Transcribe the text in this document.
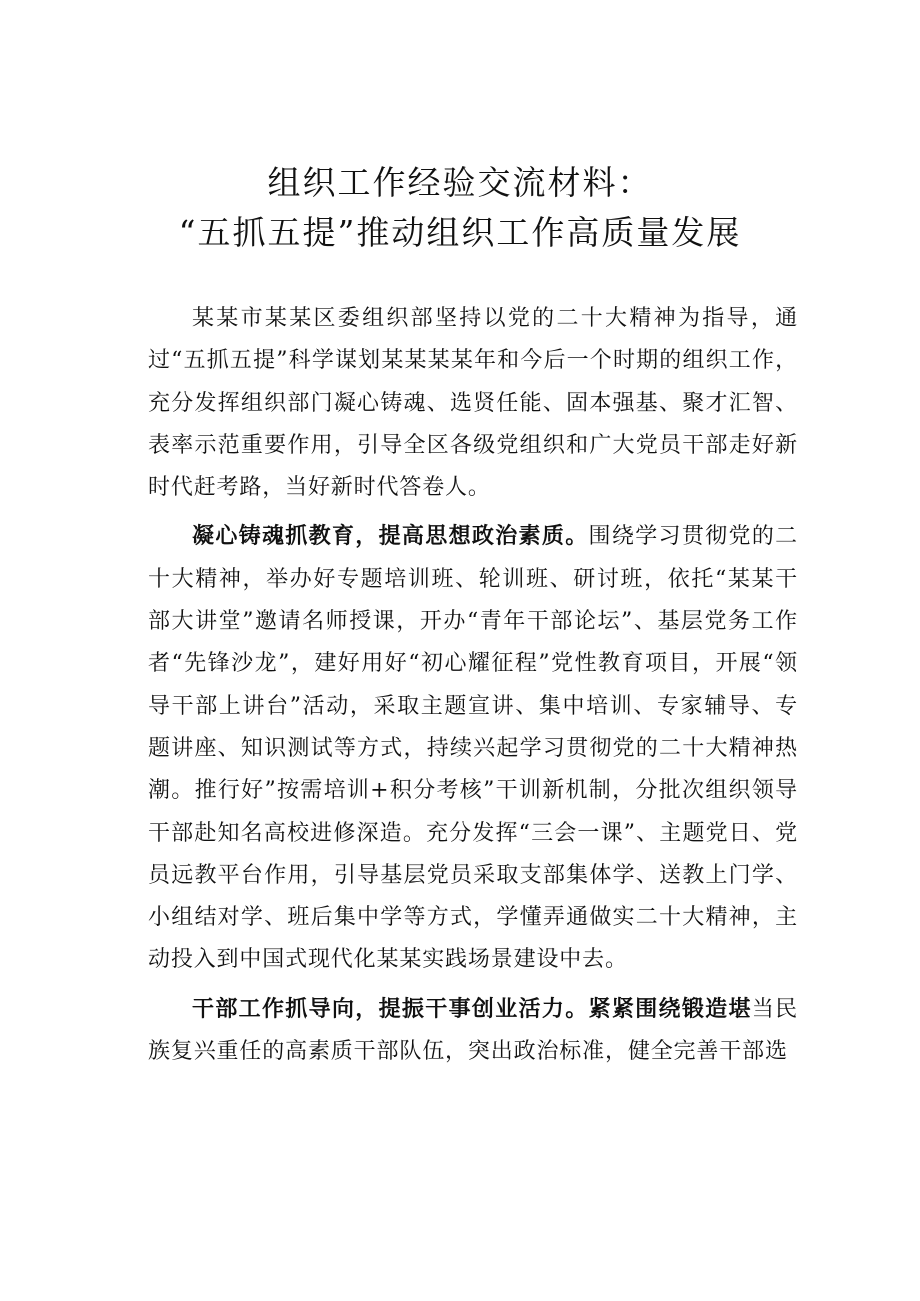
组织工作经验交流材料：
“五抓五提”推动组织工作高质量发展

某某市某某区委组织部坚持以党的二十大精神为指导，通过“五抓五提”科学谋划某某某某年和今后一个时期的组织工作，充分发挥组织部门凝心铸魂、选贤任能、固本强基、聚才汇智、表率示范重要作用，引导全区各级党组织和广大党员干部走好新时代赶考路，当好新时代答卷人。

凝心铸魂抓教育，提高思想政治素质。围绕学习贯彻党的二十大精神，举办好专题培训班、轮训班、研讨班，依托“某某干部大讲堂”邀请名师授课，开办“青年干部论坛”、基层党务工作者“先锋沙龙”，建好用好“初心耀征程”党性教育项目，开展“领导干部上讲台”活动，采取主题宣讲、集中培训、专家辅导、专题讲座、知识测试等方式，持续兴起学习贯彻党的二十大精神热潮。推行好”按需培训+积分考核”干训新机制，分批次组织领导干部赴知名高校进修深造。充分发挥“三会一课”、主题党日、党员远教平台作用，引导基层党员采取支部集体学、送教上门学、小组结对学、班后集中学等方式，学懂弄通做实二十大精神，主动投入到中国式现代化某某实践场景建设中去。

干部工作抓导向，提振干事创业活力。紧紧围绕锻造堪当民族复兴重任的高素质干部队伍，突出政治标准，健全完善干部选
